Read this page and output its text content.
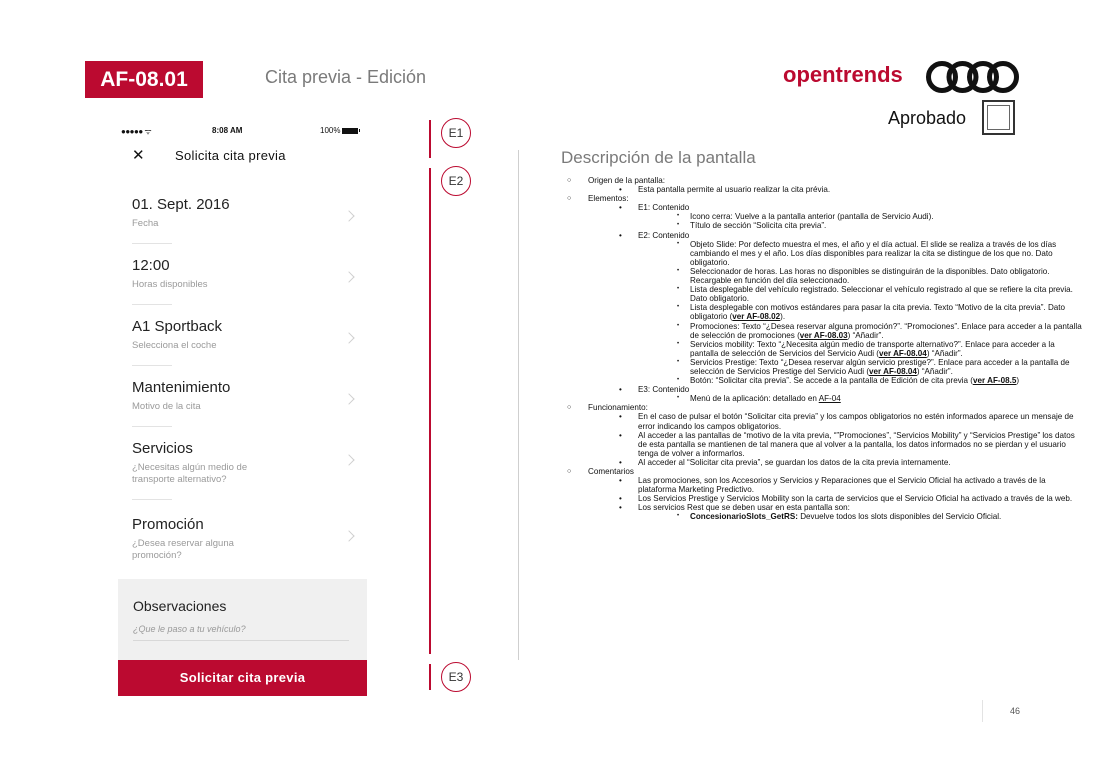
AF-08.01	Cita previa - Edición	opentrends
Aprobado
●●●●● ᯤ	8:08 AM	100%
✕ Solicita cita previa
01. Sept. 2016
Fecha
12:00
Horas disponibles
A1 Sportback
Selecciona el coche
Mantenimiento
Motivo de la cita
Servicios
¿Necesitas algún medio de transporte alternativo?
Promoción
¿Desea reservar alguna promoción?
Observaciones
¿Que le paso a tu vehículo?
Solicitar cita previa
E1
E2
E3
Descripción de la pantalla
○ Origen de la pantalla:
• Esta pantalla permite al usuario realizar la cita prévia.
○ Elementos:
• E1: Contenido
• Icono cerra: Vuelve a la pantalla anterior (pantalla de Servicio Audi).
• Título de sección “Solicita cita previa”.
• E2: Contenido
• Objeto Slide: Por defecto muestra el mes, el año y el día actual. El slide se realiza a través de los días cambiando el mes y el año. Los días disponibles para realizar la cita se distingue de los que no. Dato obligatorio.
• Seleccionador de horas. Las horas no disponibles se distinguirán de la disponibles. Dato obligatorio. Recargable en función del día seleccionado.
• Lista desplegable del vehículo registrado. Seleccionar el vehículo registrado al que se refiere la cita previa. Dato obligatorio.
• Lista desplegable con motivos estándares para pasar la cita previa. Texto “Motivo de la cita previa”. Dato obligatorio (ver AF-08.02).
• Promociones: Texto “¿Desea reservar alguna promoción?”. “Promociones”. Enlace para acceder a la pantalla de selección de promociones (ver AF-08.03) “Añadir”.
• Servicios mobility: Texto “¿Necesita algún medio de transporte alternativo?”. Enlace para acceder a la pantalla de selección de Servicios del Servicio Audi (ver AF-08.04) “Añadir”.
• Servicios Prestige: Texto “¿Desea reservar algún servicio prestige?”. Enlace para acceder a la pantalla de selección de Servicios Prestige del Servicio Audi (ver AF-08.04) “Añadir”.
• Botón: “Solicitar cita previa”. Se accede a la pantalla de Edición de cita previa (ver AF-08.5)
• E3: Contenido
• Menú de la aplicación: detallado en AF-04
○ Funcionamiento:
• En el caso de pulsar el botón “Solicitar cita previa” y los campos obligatorios no estén informados aparece un mensaje de error indicando los campos obligatorios.
• Al acceder a las pantallas de “motivo de la vita previa, “”Promociones”, “Servicios Mobility” y “Servicios Prestige” los datos de esta pantalla se mantienen de tal manera que al volver a la pantalla, los datos informados no se pierdan y el usuario tenga de volver a informarlos.
• Al acceder al “Solicitar cita previa”, se guardan los datos de la cita previa internamente.
○ Comentarios
• Las promociones, son los Accesorios y Servicios y Reparaciones que el Servicio Oficial ha activado a través de la plataforma Marketing Predictivo.
• Los Servicios Prestige y Servicios Mobility son la carta de servicios que el Servicio Oficial ha activado a través de la web.
• Los servicios Rest que se deben usar en esta pantalla son:
• ConcesionarioSlots_GetRS: Devuelve todos los slots disponibles del Servicio Oficial.
46
